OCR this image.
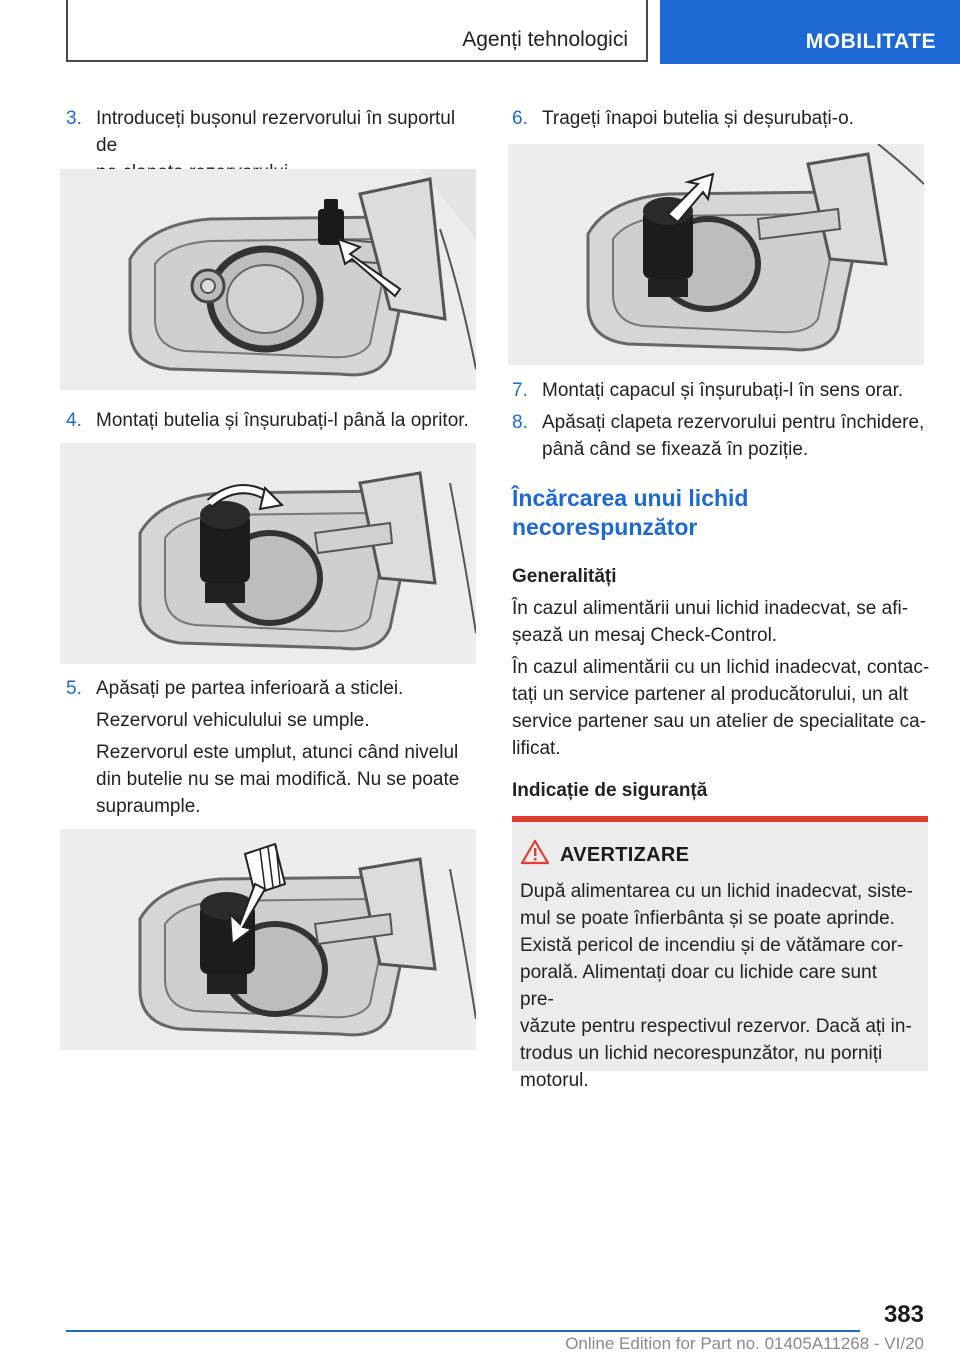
Agenți tehnologici	MOBILITATE
3. Introduceți bușonul rezervorului în suportul de
4. Montați butelia și înșurubați-l până la opritor.
5. Apăsați pe partea inferioară a sticlei.
Rezervorul vehiculului se umple.
Rezervorul este umplut, atunci când nivelul
din butelie nu se mai modifică. Nu se poate
supraumple.
6. Trageți înapoi butelia și deșurubați-o.
7. Montați capacul și înșurubați-l în sens orar.
8. Apăsați clapeta rezervorului pentru închidere,
până când se fixează în poziție.
Încărcarea unui lichid
necorespunzător
Generalități
În cazul alimentării unui lichid inadecvat, se afi-
șează un mesaj Check-Control.
În cazul alimentării cu un lichid inadecvat, contac-
tați un service partener al producătorului, un alt
service partener sau un atelier de specialitate ca-
lificat.
Indicație de siguranță
AVERTIZARE
După alimentarea cu un lichid inadecvat, siste-
mul se poate înfierbânta și se poate aprinde.
Există pericol de incendiu și de vătămare cor-
porală. Alimentați doar cu lichide care sunt pre-
văzute pentru respectivul rezervor. Dacă ați in-
trodus un lichid necorespunzător, nu porniți
motorul.
383
Online Edition for Part no. 01405A11268 - VI/20
